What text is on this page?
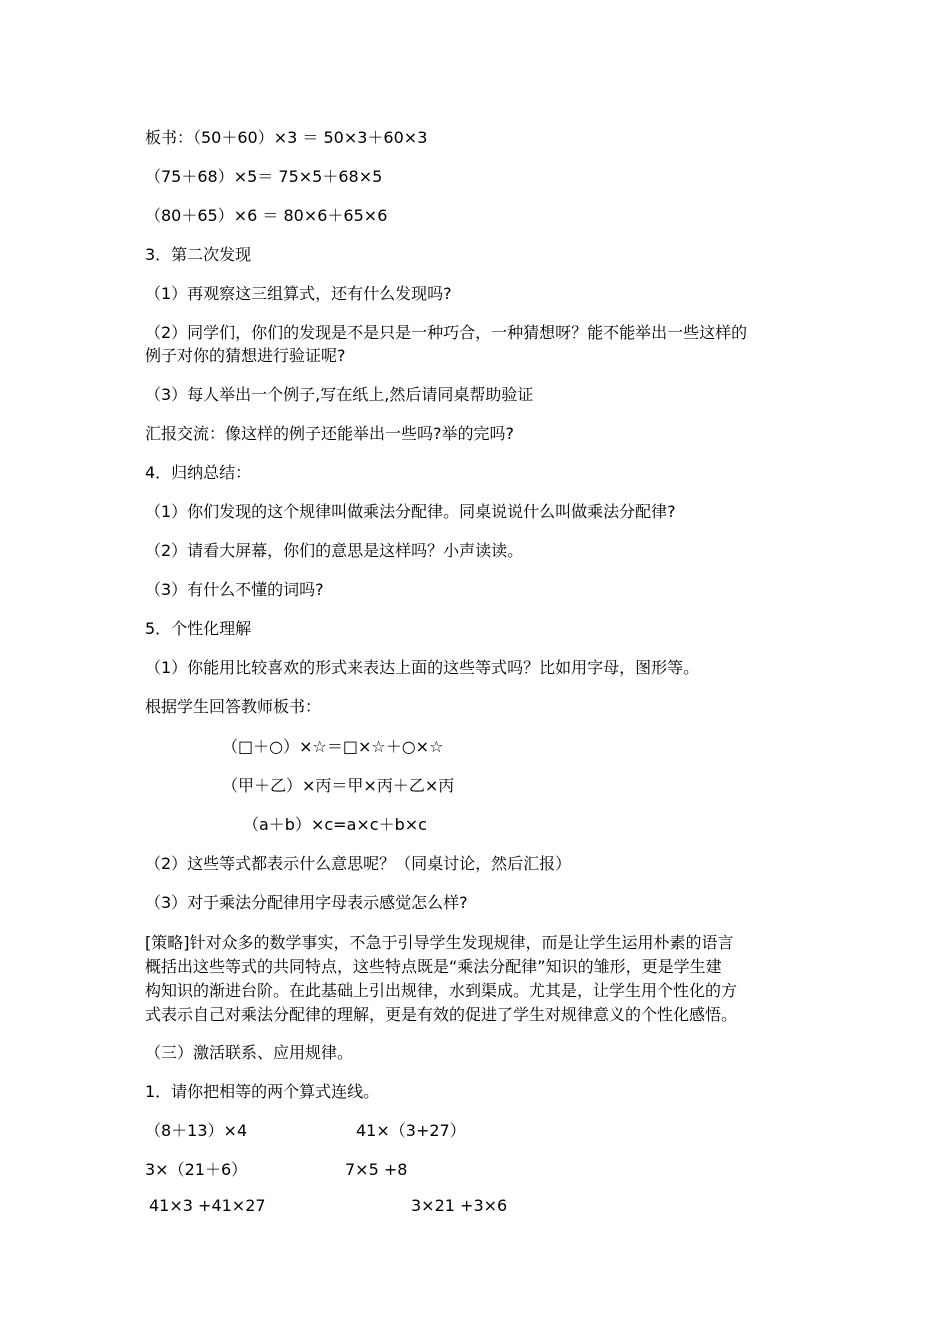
板书：（50＋60）×3 ＝ 50×3＋60×3
（75＋68）×5＝ 75×5＋68×5
（80＋65）×6 ＝ 80×6＋65×6
3．第二次发现
（1）再观察这三组算式，还有什么发现吗?
（2）同学们，你们的发现是不是只是一种巧合，一种猜想呀？能不能举出一些这样的
例子对你的猜想进行验证呢?
（3）每人举出一个例子,写在纸上,然后请同桌帮助验证
汇报交流：像这样的例子还能举出一些吗?举的完吗?
4．归纳总结：
（1）你们发现的这个规律叫做乘法分配律。同桌说说什么叫做乘法分配律?
（2）请看大屏幕，你们的意思是这样吗？小声读读。
（3）有什么不懂的词吗?
5．个性化理解
（1）你能用比较喜欢的形式来表达上面的这些等式吗？比如用字母，图形等。
根据学生回答教师板书：
（□＋○）×☆＝□×☆＋○×☆
（甲＋乙）×丙＝甲×丙＋乙×丙
（a＋b）×c=a×c＋b×c
（2）这些等式都表示什么意思呢？（同桌讨论，然后汇报）
（3）对于乘法分配律用字母表示感觉怎么样?
[策略]针对众多的数学事实，不急于引导学生发现规律，而是让学生运用朴素的语言
概括出这些等式的共同特点，这些特点既是“乘法分配律”知识的雏形，更是学生建
构知识的渐进台阶。在此基础上引出规律，水到渠成。尤其是，让学生用个性化的方
式表示自己对乘法分配律的理解，更是有效的促进了学生对规律意义的个性化感悟。
（三）激活联系、应用规律。
1．请你把相等的两个算式连线。
（8＋13）×4	41×（3+27）
3×（21＋6）	7×5 +8
41×3 +41×27	3×21 +3×6
